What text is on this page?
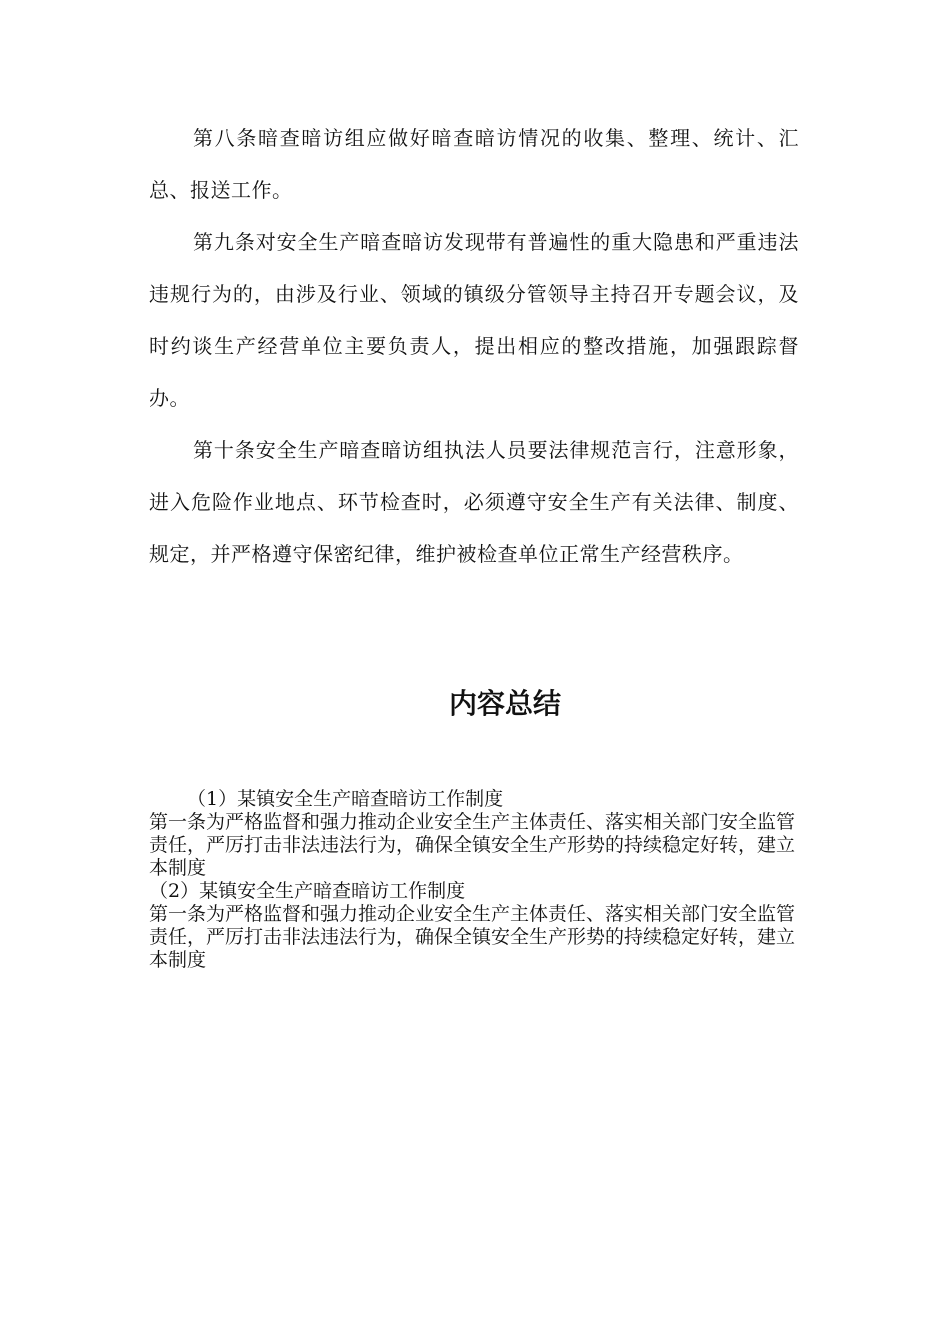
第八条暗查暗访组应做好暗查暗访情况的收集、整理、统计、汇总、报送工作。

第九条对安全生产暗查暗访发现带有普遍性的重大隐患和严重违法违规行为的，由涉及行业、领域的镇级分管领导主持召开专题会议，及时约谈生产经营单位主要负责人，提出相应的整改措施，加强跟踪督办。

第十条安全生产暗查暗访组执法人员要法律规范言行，注意形象，进入危险作业地点、环节检查时，必须遵守安全生产有关法律、制度、规定，并严格遵守保密纪律，维护被检查单位正常生产经营秩序。

内容总结

（1）某镇安全生产暗查暗访工作制度

第一条为严格监督和强力推动企业安全生产主体责任、落实相关部门安全监管责任，严厉打击非法违法行为，确保全镇安全生产形势的持续稳定好转，建立本制度

（2）某镇安全生产暗查暗访工作制度

第一条为严格监督和强力推动企业安全生产主体责任、落实相关部门安全监管责任，严厉打击非法违法行为，确保全镇安全生产形势的持续稳定好转，建立本制度
